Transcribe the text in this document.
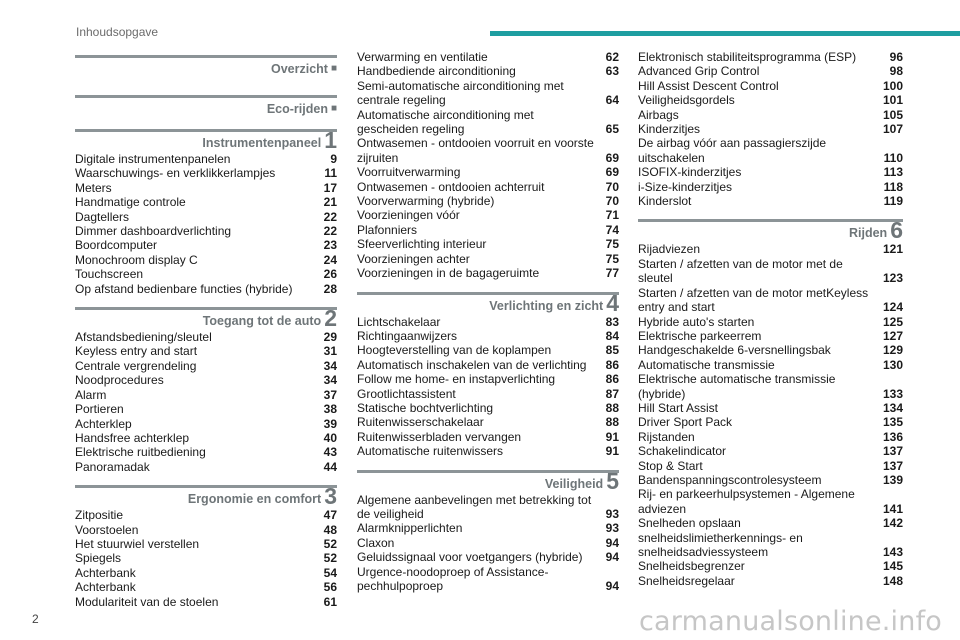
Inhoudsopgave
Overzicht ■
Eco-rijden ■
Instrumentenpaneel 1
Digitale instrumentenpanelen	9
Waarschuwings- en verklikkerlampjes	11
Meters	17
Handmatige controle	21
Dagtellers	22
Dimmer dashboardverlichting	22
Boordcomputer	23
Monochroom display C	24
Touchscreen	26
Op afstand bedienbare functies (hybride)	28
Toegang tot de auto 2
Afstandsbediening/sleutel	29
Keyless entry and start	31
Centrale vergrendeling	34
Noodprocedures	34
Alarm	37
Portieren	38
Achterklep	39
Handsfree achterklep	40
Elektrische ruitbediening	43
Panoramadak	44
Ergonomie en comfort 3
Zitpositie	47
Voorstoelen	48
Het stuurwiel verstellen	52
Spiegels	52
Achterbank	54
Achterbank	56
Modulariteit van de stoelen	61
Verwarming en ventilatie	62
Handbediende airconditioning	63
Semi-automatische airconditioning met centrale regeling	64
Automatische airconditioning met gescheiden regeling	65
Ontwasemen - ontdooien voorruit en voorste zijruiten	69
Voorruitverwarming	69
Ontwasemen - ontdooien achterruit	70
Voorverwarming (hybride)	70
Voorzieningen vóór	71
Plafonniers	74
Sfeerverlichting interieur	75
Voorzieningen achter	75
Voorzieningen in de bagageruimte	77
Verlichting en zicht 4
Lichtschakelaar	83
Richtingaanwijzers	84
Hoogteverstelling van de koplampen	85
Automatisch inschakelen van de verlichting	86
Follow me home- en instapverlichting	86
Grootlichtassistent	87
Statische bochtverlichting	88
Ruitenwisserschakelaar	88
Ruitenwisserbladen vervangen	91
Automatische ruitenwissers	91
Veiligheid 5
Algemene aanbevelingen met betrekking tot de veiligheid	93
Alarmknipperlichten	93
Claxon	94
Geluidssignaal voor voetgangers (hybride)	94
Urgence-noodoproep of Assistance-pechhulpoproep	94
Elektronisch stabiliteitsprogramma (ESP)	96
Advanced Grip Control	98
Hill Assist Descent Control	100
Veiligheidsgordels	101
Airbags	105
Kinderzitjes	107
De airbag vóór aan passagierszijde uitschakelen	110
ISOFIX-kinderzitjes	113
i-Size-kinderzitjes	118
Kinderslot	119
Rijden 6
Rijadviezen	121
Starten / afzetten van de motor met de sleutel	123
Starten / afzetten van de motor metKeyless entry and start	124
Hybride auto's starten	125
Elektrische parkeerrem	127
Handgeschakelde 6-versnellingsbak	129
Automatische transmissie	130
Elektrische automatische transmissie (hybride)	133
Hill Start Assist	134
Driver Sport Pack	135
Rijstanden	136
Schakelindicator	137
Stop & Start	137
Bandenspanningscontrolesysteem	139
Rij- en parkeerhulpsystemen - Algemene adviezen	141
Snelheden opslaan	142
snelheidslimietherkennings- en snelheidsadviessysteem	143
Snelheidsbegrenzer	145
Snelheidsregelaar	148
2	carmanualsonline.info
